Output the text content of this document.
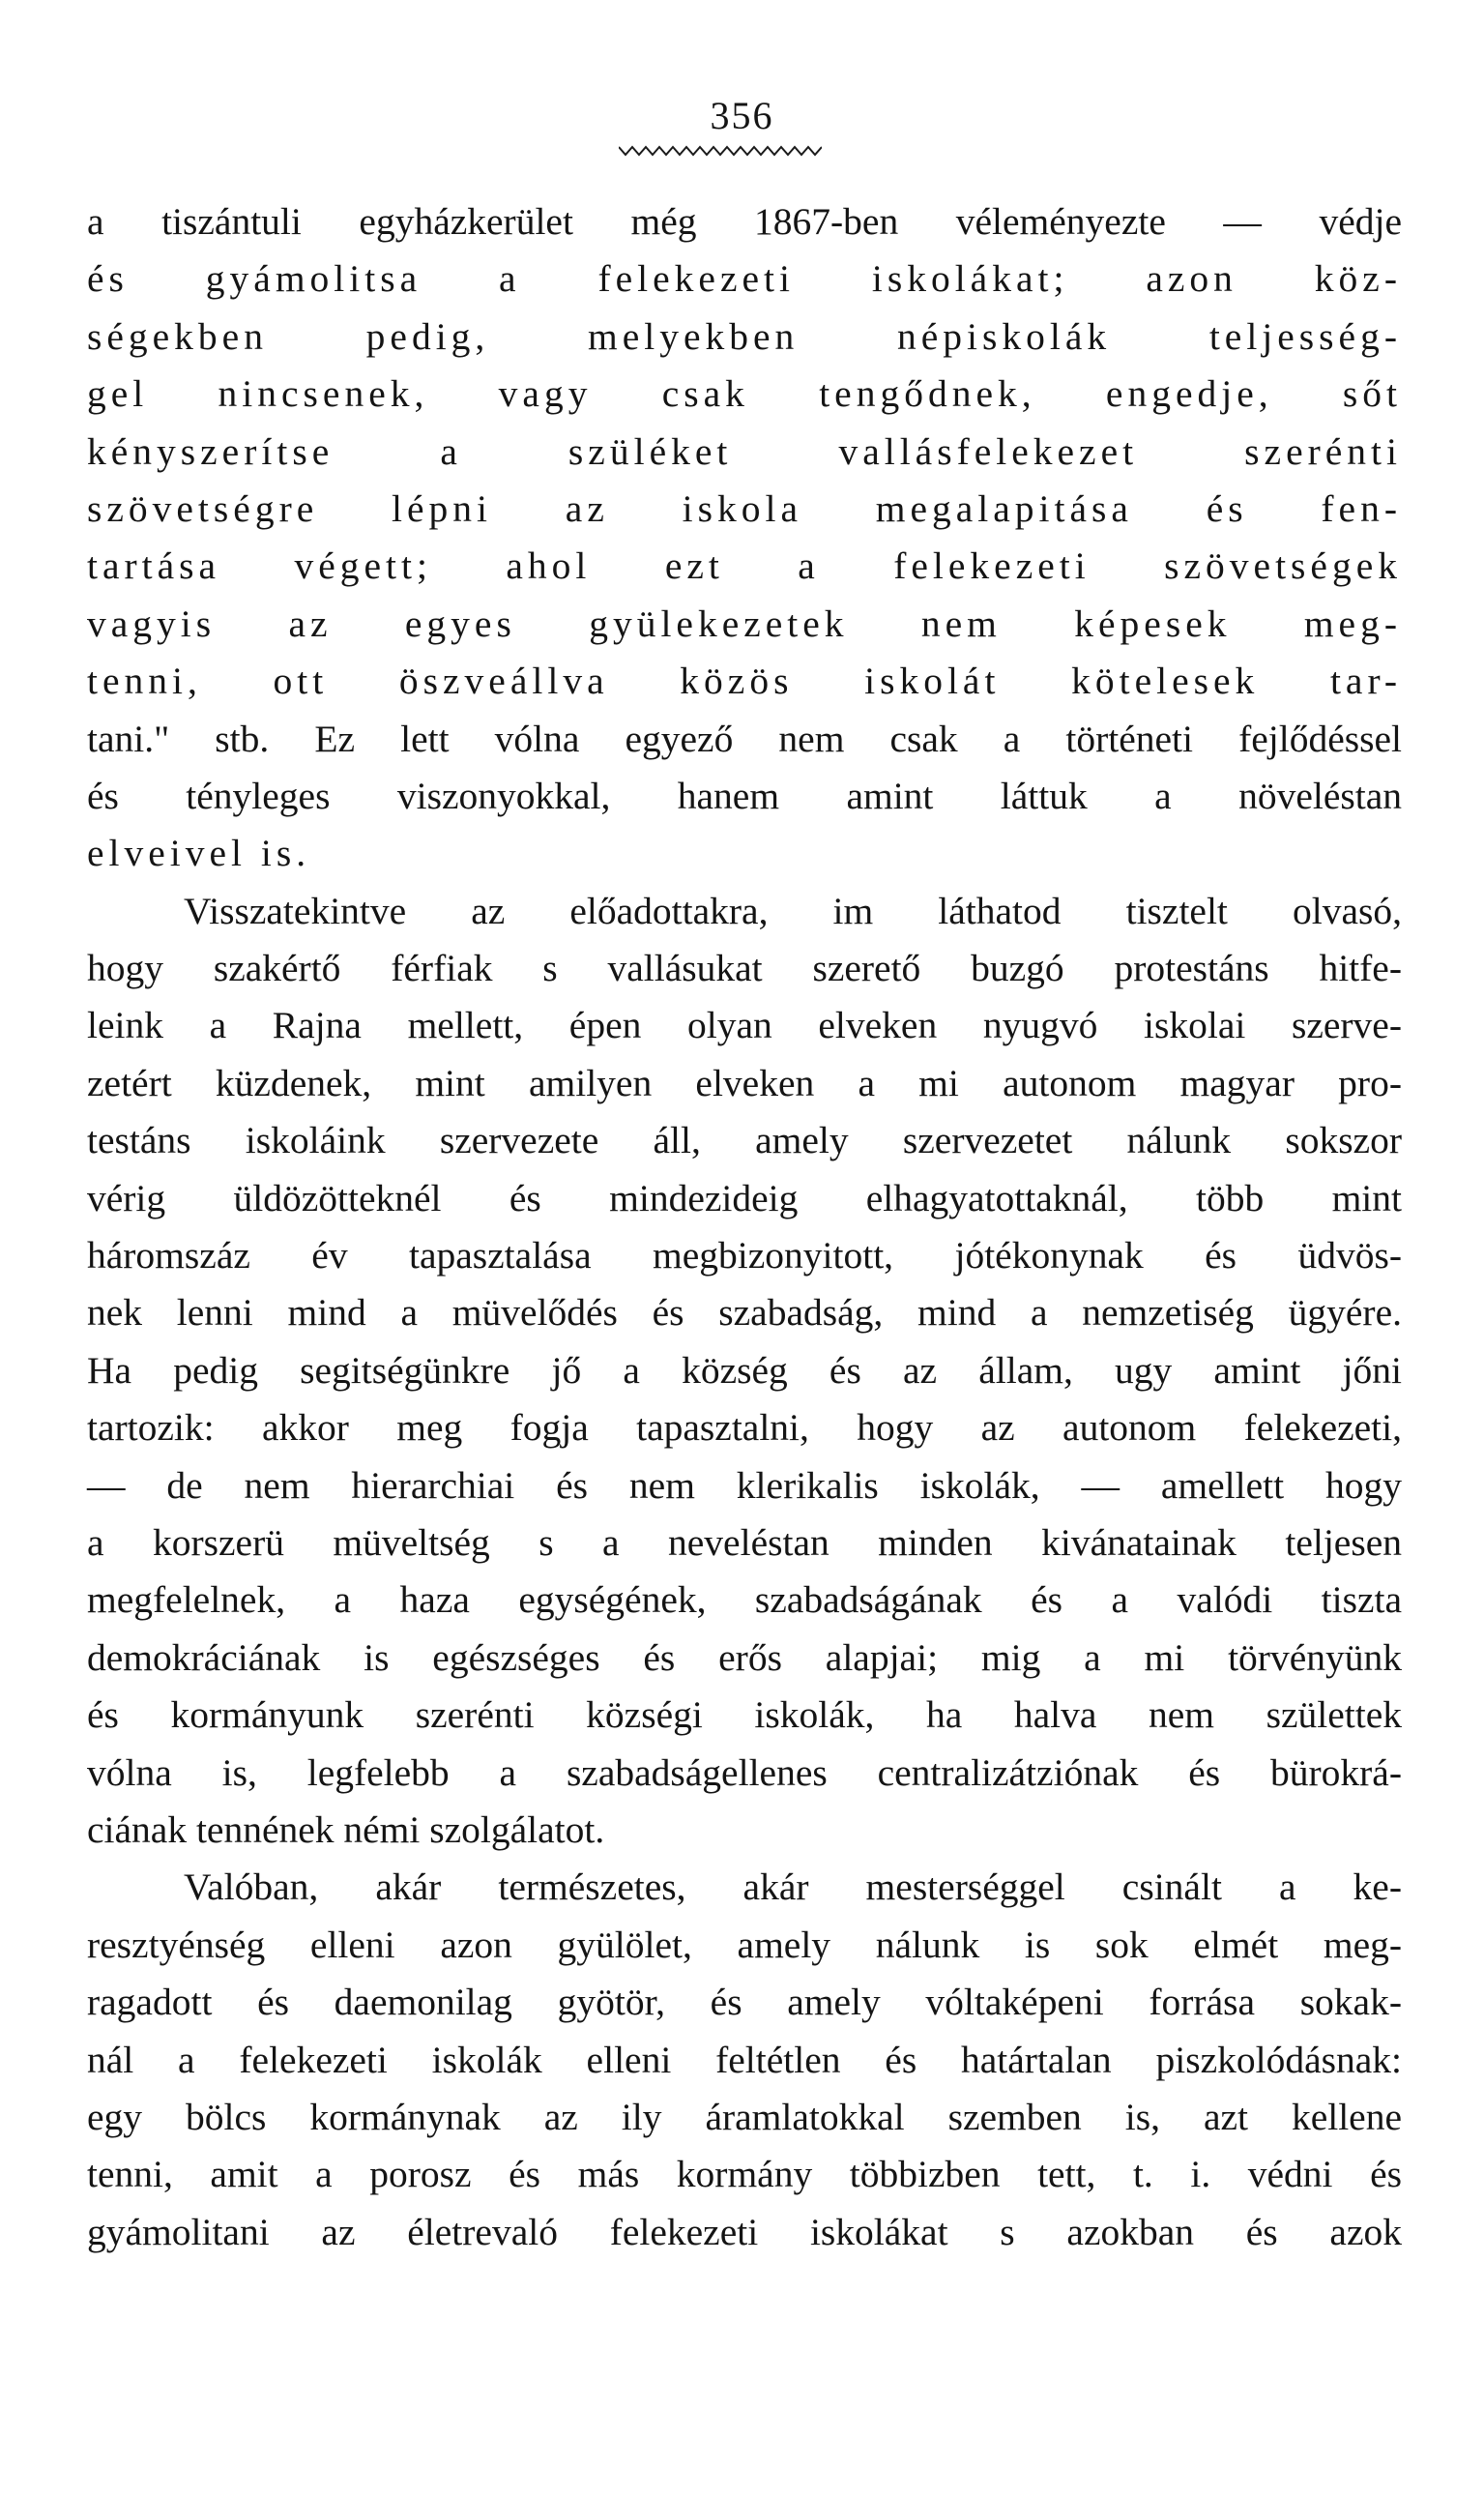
356
a tiszántuli egyházkerület még 1867-ben véleményezte — védje
és gyámolitsa a felekezeti iskolákat; azon köz-
ségekben pedig, melyekben népiskolák teljesség-
gel nincsenek, vagy csak tengődnek, engedje, sőt
kényszerítse a szüléket vallásfelekezet szerénti
szövetségre lépni az iskola megalapitása és fen-
tartása végett; ahol ezt a felekezeti szövetségek
vagyis az egyes gyülekezetek nem képesek meg-
tenni, ott öszveállva közös iskolát kötelesek tar-
tani." stb. Ez lett vólna egyező nem csak a történeti fejlődéssel
és tényleges viszonyokkal, hanem amint láttuk a növeléstan
elveivel is.
Visszatekintve az előadottakra, im láthatod tisztelt olvasó,
hogy szakértő férfiak s vallásukat szerető buzgó protestáns hitfe-
leink a Rajna mellett, épen olyan elveken nyugvó iskolai szerve-
zetért küzdenek, mint amilyen elveken a mi autonom magyar pro-
testáns iskoláink szervezete áll, amely szervezetet nálunk sokszor
vérig üldözötteknél és mindezideig elhagyatottaknál, több mint
háromszáz év tapasztalása megbizonyitott, jótékonynak és üdvös-
nek lenni mind a müvelődés és szabadság, mind a nemzetiség ügyére.
Ha pedig segitségünkre jő a község és az állam, ugy amint jőni
tartozik: akkor meg fogja tapasztalni, hogy az autonom felekezeti,
— de nem hierarchiai és nem klerikalis iskolák, — amellett hogy
a korszerü müveltség s a neveléstan minden kivánatainak teljesen
megfelelnek, a haza egységének, szabadságának és a valódi tiszta
demokráciának is egészséges és erős alapjai; mig a mi törvényünk
és kormányunk szerénti községi iskolák, ha halva nem születtek
vólna is, legfelebb a szabadságellenes centralizátziónak és bürokrá-
ciának tennének némi szolgálatot.
Valóban, akár természetes, akár mesterséggel csinált a ke-
resztyénség elleni azon gyülölet, amely nálunk is sok elmét meg-
ragadott és daemonilag gyötör, és amely vóltaképeni forrása sokak-
nál a felekezeti iskolák elleni feltétlen és határtalan piszkolódásnak:
egy bölcs kormánynak az ily áramlatokkal szemben is, azt kellene
tenni, amit a porosz és más kormány többizben tett, t. i. védni és
gyámolitani az életrevaló felekezeti iskolákat s azokban és azok
